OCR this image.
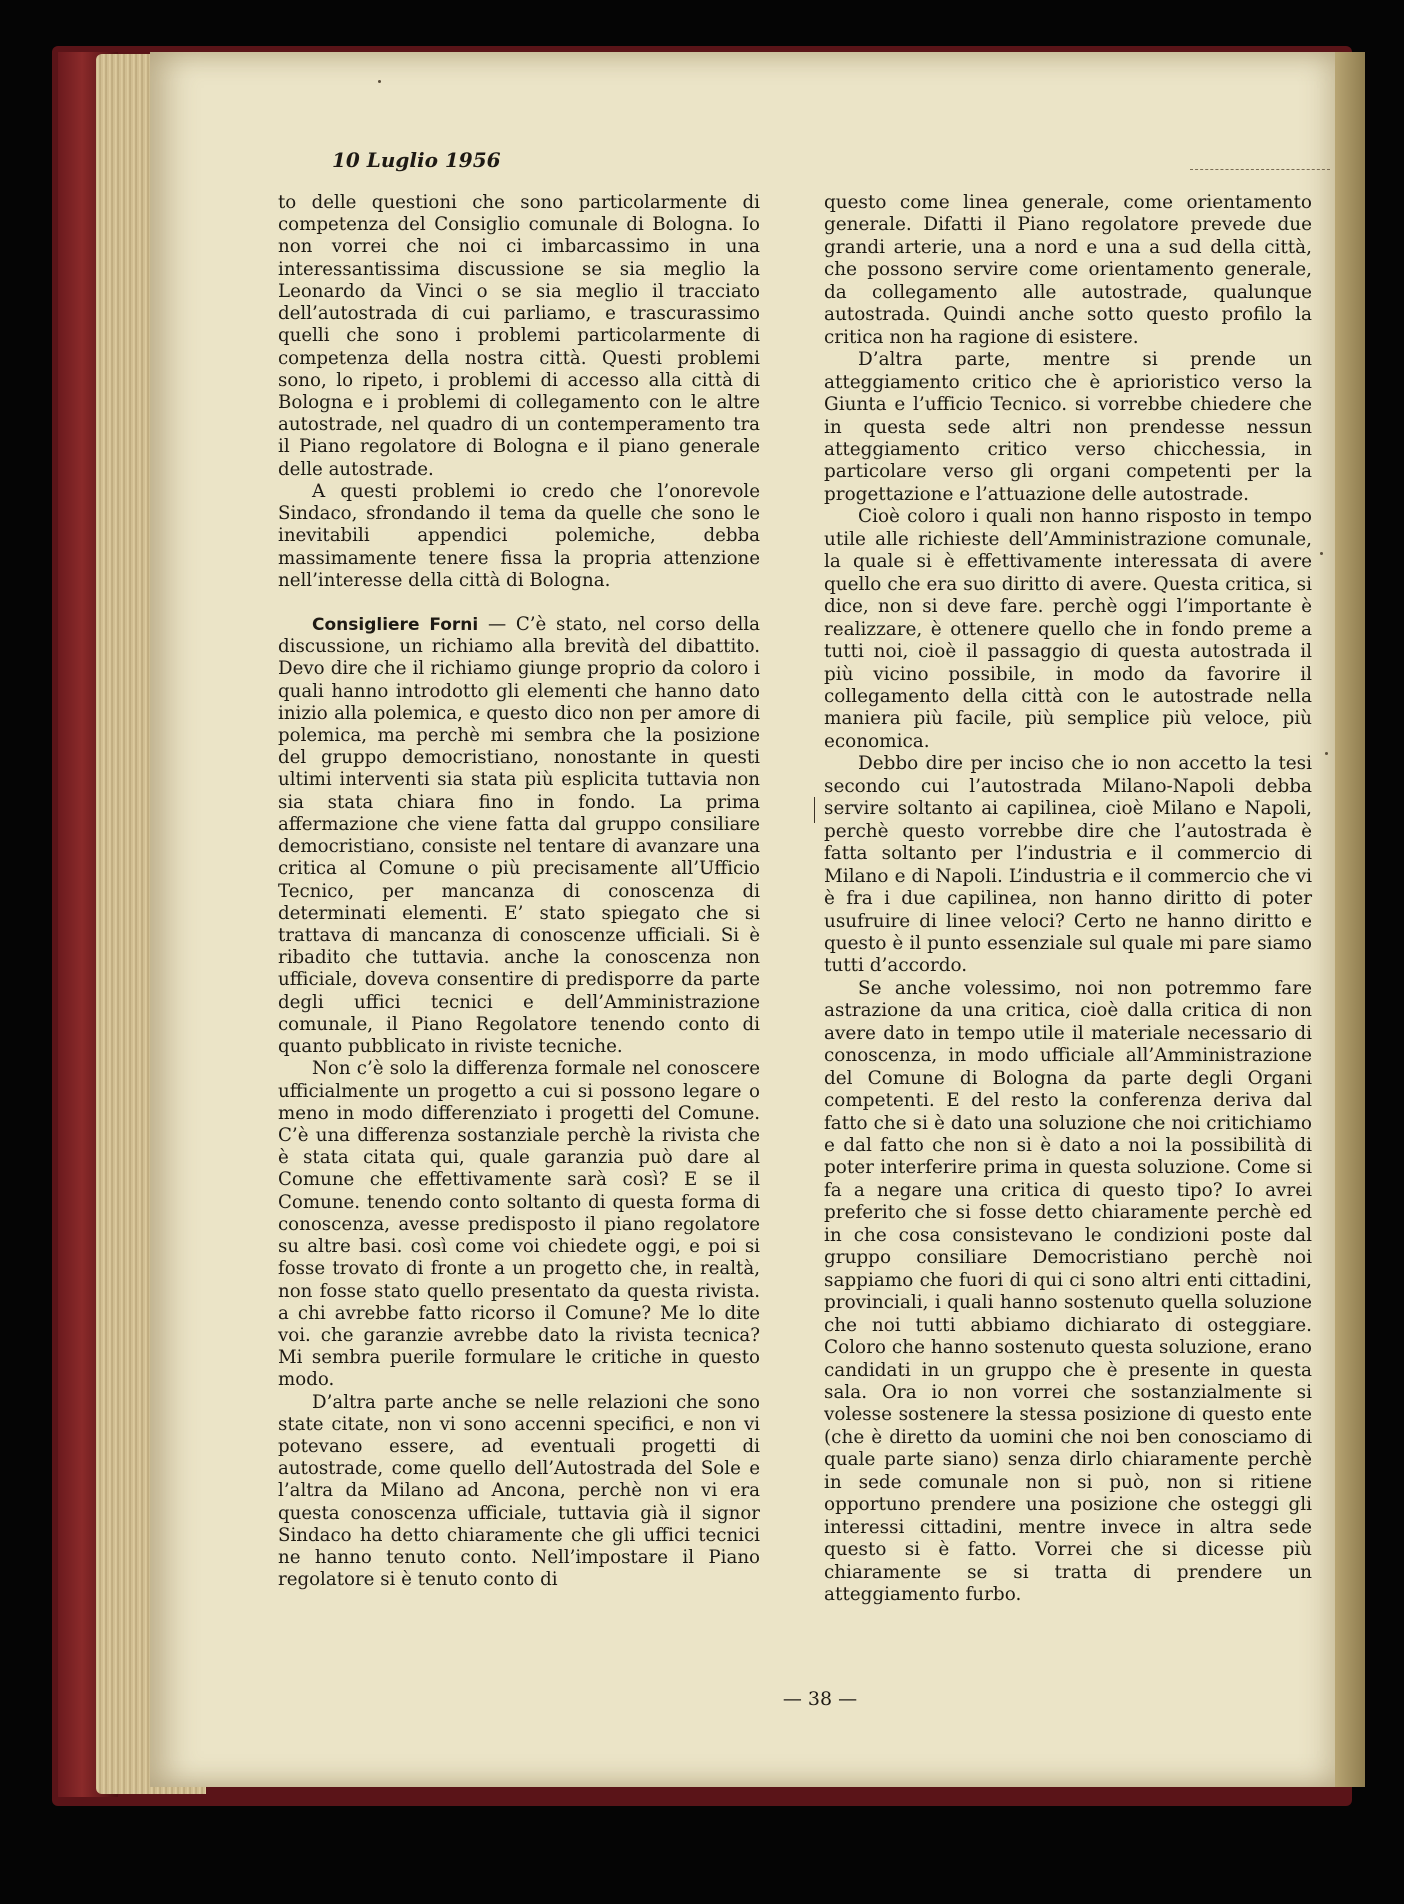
10 Luglio 1956

to delle questioni che sono particolarmente di competenza del Consiglio comunale di Bologna. Io non vorrei che noi ci imbarcassimo in una interessantissima discussione se sia meglio la Leonardo da Vinci o se sia meglio il tracciato dell’autostrada di cui parliamo, e trascurassimo quelli che sono i problemi particolarmente di competenza della nostra città. Questi problemi sono, lo ripeto, i problemi di accesso alla città di Bologna e i problemi di collegamento con le altre autostrade, nel quadro di un contemperamento tra il Piano regolatore di Bologna e il piano generale delle autostrade.

A questi problemi io credo che l’onorevole Sindaco, sfrondando il tema da quelle che sono le inevitabili appendici polemiche, debba massimamente tenere fissa la propria attenzione nell’interesse della città di Bologna.

Consigliere Forni — C’è stato, nel corso della discussione, un richiamo alla brevità del dibattito. Devo dire che il richiamo giunge proprio da coloro i quali hanno introdotto gli elementi che hanno dato inizio alla polemica, e questo dico non per amore di polemica, ma perchè mi sembra che la posizione del gruppo democristiano, nonostante in questi ultimi interventi sia stata più esplicita tuttavia non sia stata chiara fino in fondo. La prima affermazione che viene fatta dal gruppo consiliare democristiano, consiste nel tentare di avanzare una critica al Comune o più precisamente all’Ufficio Tecnico, per mancanza di conoscenza di determinati elementi. E’ stato spiegato che si trattava di mancanza di conoscenze ufficiali. Si è ribadito che tuttavia. anche la conoscenza non ufficiale, doveva consentire di predisporre da parte degli uffici tecnici e dell’Amministrazione comunale, il Piano Regolatore tenendo conto di quanto pubblicato in riviste tecniche.

Non c’è solo la differenza formale nel conoscere ufficialmente un progetto a cui si possono legare o meno in modo differenziato i progetti del Comune. C’è una differenza sostanziale perchè la rivista che è stata citata qui, quale garanzia può dare al Comune che effettivamente sarà così? E se il Comune. tenendo conto soltanto di questa forma di conoscenza, avesse predisposto il piano regolatore su altre basi. così come voi chiedete oggi, e poi si fosse trovato di fronte a un progetto che, in realtà, non fosse stato quello presentato da questa rivista. a chi avrebbe fatto ricorso il Comune? Me lo dite voi. che garanzie avrebbe dato la rivista tecnica? Mi sembra puerile formulare le critiche in questo modo.

D’altra parte anche se nelle relazioni che sono state citate, non vi sono accenni specifici, e non vi potevano essere, ad eventuali progetti di autostrade, come quello dell’Autostrada del Sole e l’altra da Milano ad Ancona, perchè non vi era questa conoscenza ufficiale, tuttavia già il signor Sindaco ha detto chiaramente che gli uffici tecnici ne hanno tenuto conto. Nell’impostare il Piano regolatore si è tenuto conto di

questo come linea generale, come orientamento generale. Difatti il Piano regolatore prevede due grandi arterie, una a nord e una a sud della città, che possono servire come orientamento generale, da collegamento alle autostrade, qualunque autostrada. Quindi anche sotto questo profilo la critica non ha ragione di esistere.

D’altra parte, mentre si prende un atteggiamento critico che è aprioristico verso la Giunta e l’ufficio Tecnico. si vorrebbe chiedere che in questa sede altri non prendesse nessun atteggiamento critico verso chicchessia, in particolare verso gli organi competenti per la progettazione e l’attuazione delle autostrade.

Cioè coloro i quali non hanno risposto in tempo utile alle richieste dell’Amministrazione comunale, la quale si è effettivamente interessata di avere quello che era suo diritto di avere. Questa critica, si dice, non si deve fare. perchè oggi l’importante è realizzare, è ottenere quello che in fondo preme a tutti noi, cioè il passaggio di questa autostrada il più vicino possibile, in modo da favorire il collegamento della città con le autostrade nella maniera più facile, più semplice più veloce, più economica.

Debbo dire per inciso che io non accetto la tesi secondo cui l’autostrada Milano-Napoli debba servire soltanto ai capilinea, cioè Milano e Napoli, perchè questo vorrebbe dire che l’autostrada è fatta soltanto per l’industria e il commercio di Milano e di Napoli. L’industria e il commercio che vi è fra i due capilinea, non hanno diritto di poter usufruire di linee veloci? Certo ne hanno diritto e questo è il punto essenziale sul quale mi pare siamo tutti d’accordo.

Se anche volessimo, noi non potremmo fare astrazione da una critica, cioè dalla critica di non avere dato in tempo utile il materiale necessario di conoscenza, in modo ufficiale all’Amministrazione del Comune di Bologna da parte degli Organi competenti. E del resto la conferenza deriva dal fatto che si è dato una soluzione che noi critichiamo e dal fatto che non si è dato a noi la possibilità di poter interferire prima in questa soluzione. Come si fa a negare una critica di questo tipo? Io avrei preferito che si fosse detto chiaramente perchè ed in che cosa consistevano le condizioni poste dal gruppo consiliare Democristiano perchè noi sappiamo che fuori di qui ci sono altri enti cittadini, provinciali, i quali hanno sostenuto quella soluzione che noi tutti abbiamo dichiarato di osteggiare. Coloro che hanno sostenuto questa soluzione, erano candidati in un gruppo che è presente in questa sala. Ora io non vorrei che sostanzialmente si volesse sostenere la stessa posizione di questo ente (che è diretto da uomini che noi ben conosciamo di quale parte siano) senza dirlo chiaramente perchè in sede comunale non si può, non si ritiene opportuno prendere una posizione che osteggi gli interessi cittadini, mentre invece in altra sede questo si è fatto. Vorrei che si dicesse più chiaramente se si tratta di prendere un atteggiamento furbo.

— 38 —
